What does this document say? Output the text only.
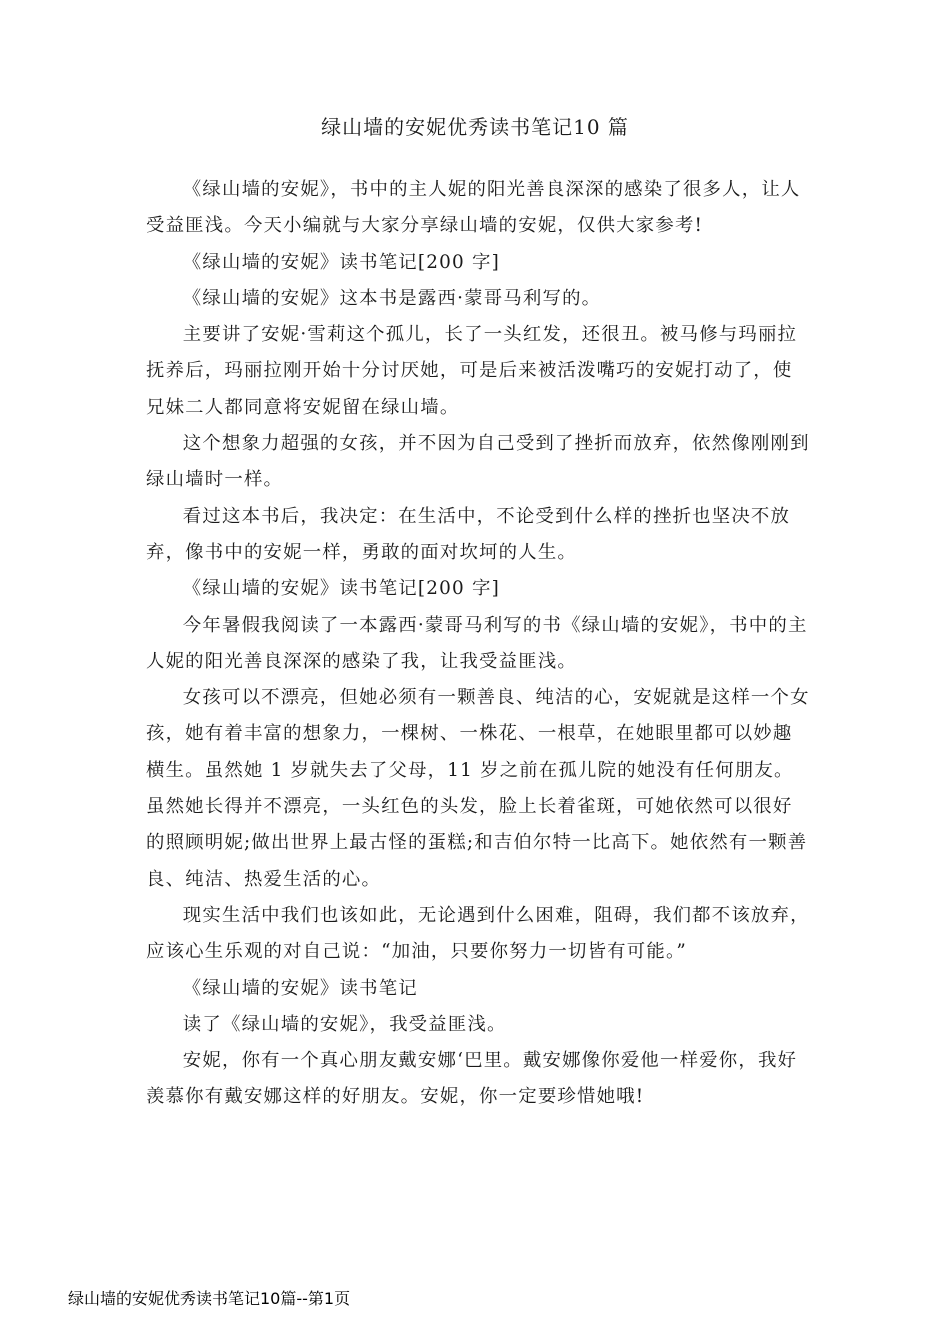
绿山墙的安妮优秀读书笔记10 篇

《绿山墙的安妮》，书中的主人妮的阳光善良深深的感染了很多人，让人受益匪浅。今天小编就与大家分享绿山墙的安妮，仅供大家参考!

《绿山墙的安妮》读书笔记[200 字]

《绿山墙的安妮》这本书是露西·蒙哥马利写的。

主要讲了安妮·雪莉这个孤儿，长了一头红发，还很丑。被马修与玛丽拉抚养后，玛丽拉刚开始十分讨厌她，可是后来被活泼嘴巧的安妮打动了，使兄妹二人都同意将安妮留在绿山墙。

这个想象力超强的女孩，并不因为自己受到了挫折而放弃，依然像刚刚到绿山墙时一样。

看过这本书后，我决定：在生活中，不论受到什么样的挫折也坚决不放弃，像书中的安妮一样，勇敢的面对坎坷的人生。

《绿山墙的安妮》读书笔记[200 字]

今年暑假我阅读了一本露西·蒙哥马利写的书《绿山墙的安妮》，书中的主人妮的阳光善良深深的感染了我，让我受益匪浅。

女孩可以不漂亮，但她必须有一颗善良、纯洁的心，安妮就是这样一个女孩，她有着丰富的想象力，一棵树、一株花、一根草，在她眼里都可以妙趣横生。虽然她 1 岁就失去了父母，11 岁之前在孤儿院的她没有任何朋友。虽然她长得并不漂亮，一头红色的头发，脸上长着雀斑，可她依然可以很好的照顾明妮;做出世界上最古怪的蛋糕;和吉伯尔特一比高下。她依然有一颗善良、纯洁、热爱生活的心。

现实生活中我们也该如此，无论遇到什么困难，阻碍，我们都不该放弃，应该心生乐观的对自己说：“加油，只要你努力一切皆有可能。”

《绿山墙的安妮》读书笔记

读了《绿山墙的安妮》，我受益匪浅。

安妮，你有一个真心朋友戴安娜‘巴里。戴安娜像你爱他一样爱你，我好羡慕你有戴安娜这样的好朋友。安妮，你一定要珍惜她哦!

绿山墙的安妮优秀读书笔记10篇--第1页
